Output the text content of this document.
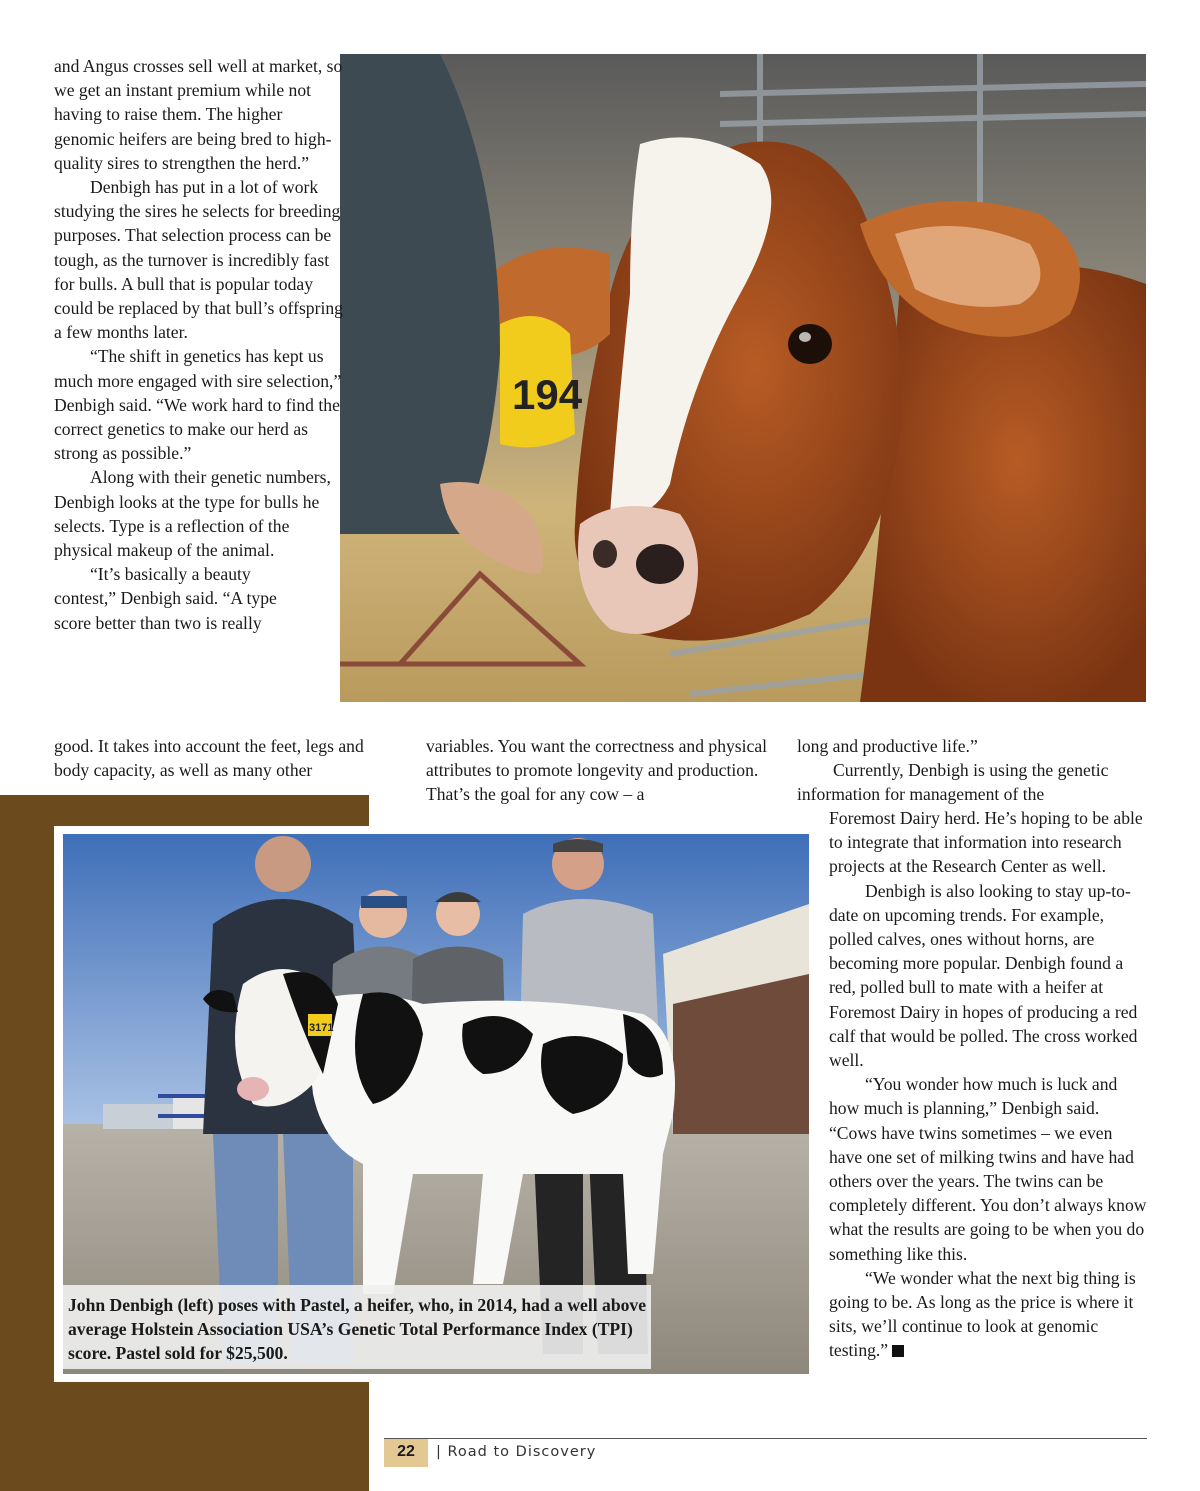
194

and Angus crosses sell well at market, so we get an instant premium while not having to raise them. The higher genomic heifers are being bred to high-quality sires to strengthen the herd.”

Denbigh has put in a lot of work studying the sires he selects for breeding purposes. That selection process can be tough, as the turnover is incredibly fast for bulls. A bull that is popular today could be replaced by that bull’s offspring a few months later.

“The shift in genetics has kept us much more engaged with sire selection,” Denbigh said. “We work hard to find the correct genetics to make our herd as strong as possible.”

Along with their genetic numbers, Denbigh looks at the type for bulls he selects. Type is a reflection of the physical makeup of the animal.

“It’s basically a beauty contest,” Denbigh said. “A type score better than two is really

good. It takes into account the feet, legs and body capacity, as well as many other

variables. You want the correctness and physical attributes to promote longevity and production. That’s the goal for any cow – a

long and productive life.”

Currently, Denbigh is using the genetic information for management of the

Foremost Dairy herd. He’s hoping to be able to integrate that information into research projects at the Research Center as well.

Denbigh is also looking to stay up-to-date on upcoming trends. For example, polled calves, ones without horns, are becoming more popular. Denbigh found a red, polled bull to mate with a heifer at Foremost Dairy in hopes of producing a red calf that would be polled. The cross worked well.

“You wonder how much is luck and how much is planning,” Denbigh said. “Cows have twins sometimes – we even have one set of milking twins and have had others over the years. The twins can be completely different. You don’t always know what the results are going to be when you do something like this.

“We wonder what the next big thing is going to be. As long as the price is where it sits, we’ll continue to look at genomic testing.”

3171
John Denbigh (left) poses with Pastel, a heifer, who, in 2014, had a well above average Holstein Association USA’s Genetic Total Performance Index (TPI) score. Pastel sold for $25,500.
22	| Road to Discovery
